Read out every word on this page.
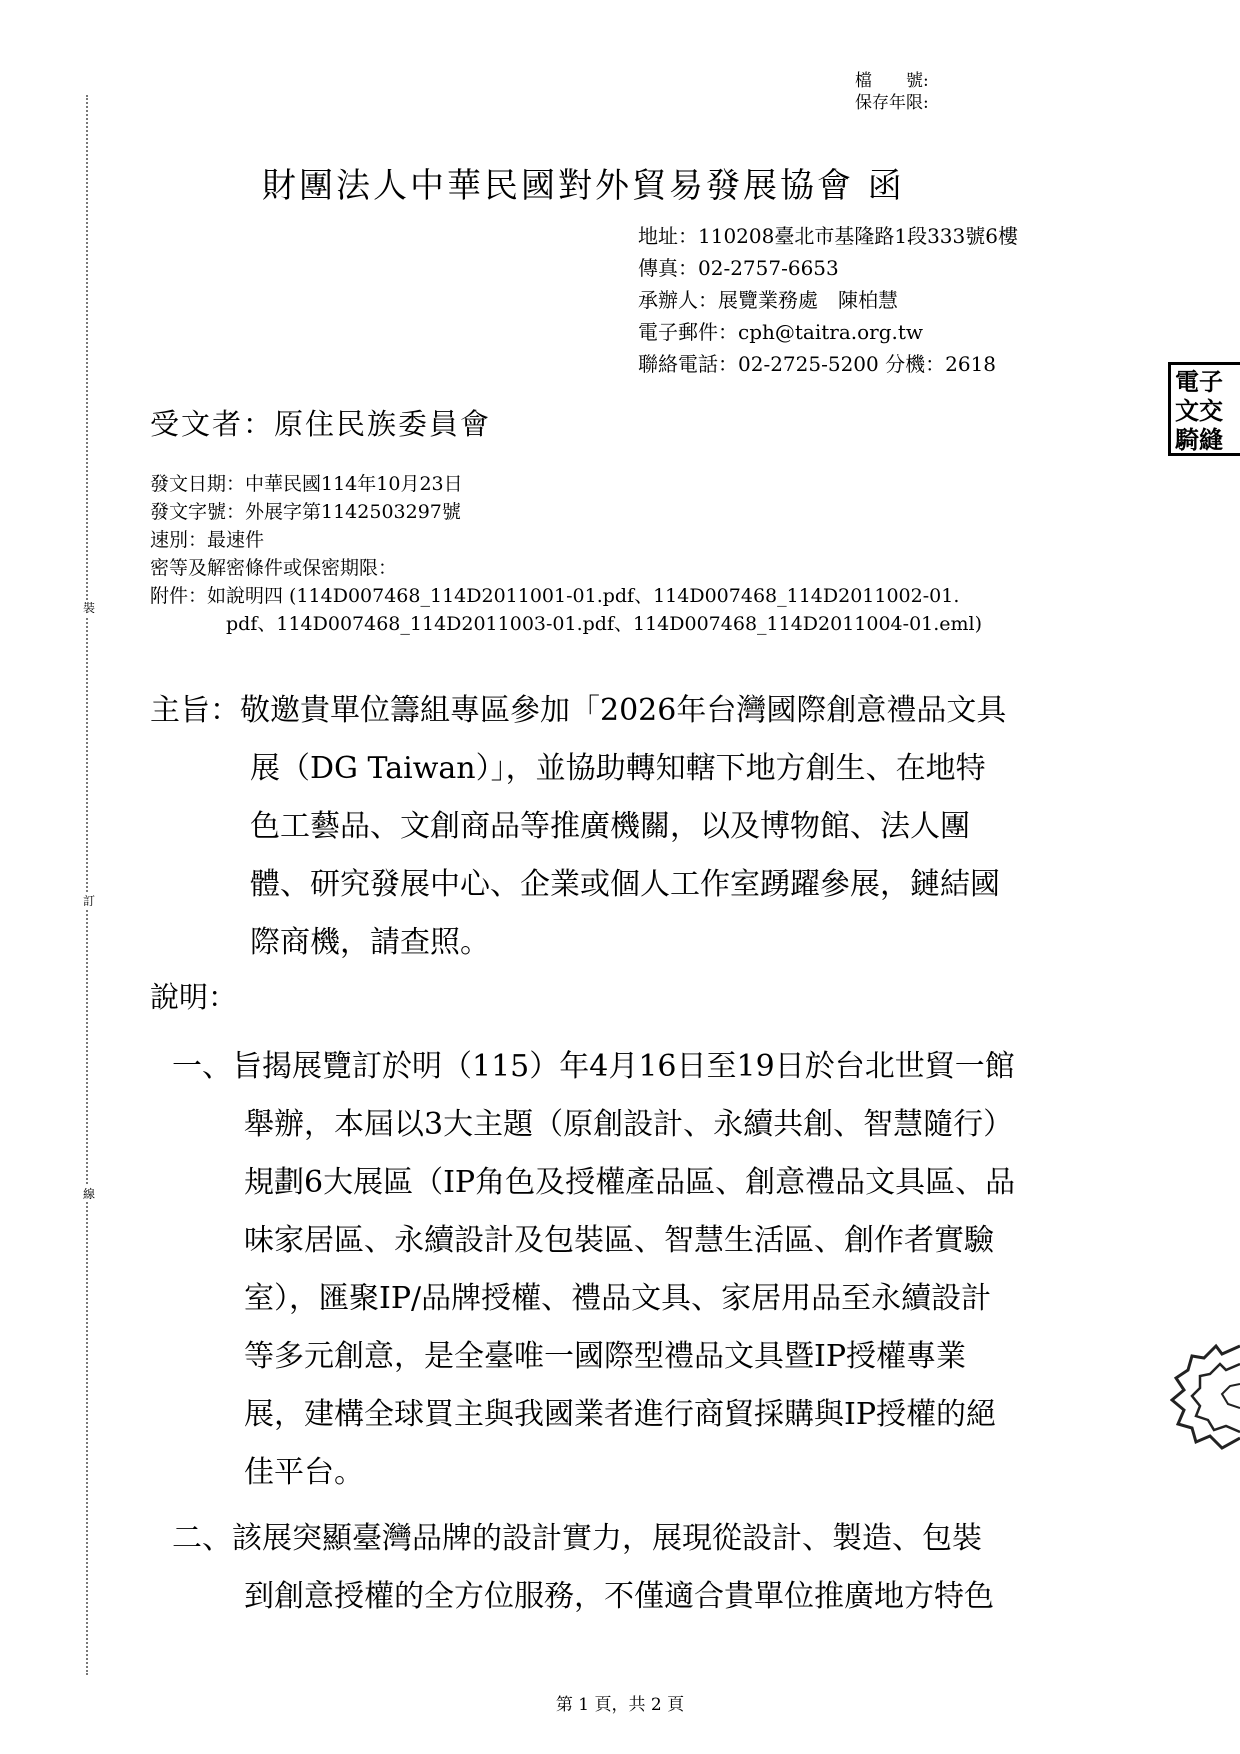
裝
訂
線
檔　　號:
保存年限:
財團法人中華民國對外貿易發展協會 函
地址：110208臺北市基隆路1段333號6樓
傳真：02-2757-6653
承辦人：展覽業務處　陳柏慧
電子郵件：cph@taitra.org.tw
聯絡電話：02-2725-5200 分機：2618
電子文交騎縫
受文者：原住民族委員會
發文日期：中華民國114年10月23日
發文字號：外展字第1142503297號
速別：最速件
密等及解密條件或保密期限：
附件：如說明四 (114D007468_114D2011001-01.pdf、114D007468_114D2011002-01.
pdf、114D007468_114D2011003-01.pdf、114D007468_114D2011004-01.eml)
主旨：敬邀貴單位籌組專區參加「2026年台灣國際創意禮品文具
展（DG Taiwan）」，並協助轉知轄下地方創生、在地特
色工藝品、文創商品等推廣機關，以及博物館、法人團
體、研究發展中心、企業或個人工作室踴躍參展，鏈結國
際商機，請查照。
說明：
一、旨揭展覽訂於明（115）年4月16日至19日於台北世貿一館
舉辦，本屆以3大主題（原創設計、永續共創、智慧隨行）
規劃6大展區（IP角色及授權產品區、創意禮品文具區、品
味家居區、永續設計及包裝區、智慧生活區、創作者實驗
室），匯聚IP/品牌授權、禮品文具、家居用品至永續設計
等多元創意，是全臺唯一國際型禮品文具暨IP授權專業
展，建構全球買主與我國業者進行商貿採購與IP授權的絕
佳平台。
二、該展突顯臺灣品牌的設計實力，展現從設計、製造、包裝
到創意授權的全方位服務，不僅適合貴單位推廣地方特色
第 1 頁，共 2 頁
